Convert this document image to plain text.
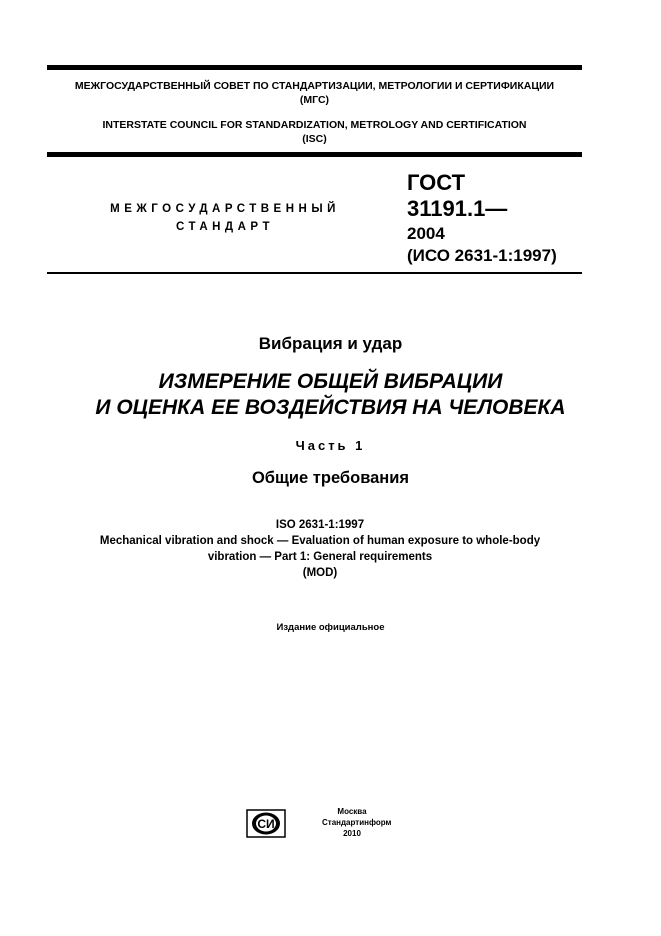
МЕЖГОСУДАРСТВЕННЫЙ СОВЕТ ПО СТАНДАРТИЗАЦИИ, МЕТРОЛОГИИ И СЕРТИФИКАЦИИ
(МГС)
INTERSTATE COUNCIL FOR STANDARDIZATION, METROLOGY AND CERTIFICATION
(ISC)
МЕЖГОСУДАРСТВЕННЫЙ
СТАНДАРТ
ГОСТ
31191.1—
2004
(ИСО 2631-1:1997)
Вибрация и удар
ИЗМЕРЕНИЕ ОБЩЕЙ ВИБРАЦИИ
И ОЦЕНКА ЕЕ ВОЗДЕЙСТВИЯ НА ЧЕЛОВЕКА
Часть 1
Общие требования
ISO 2631-1:1997
Mechanical vibration and shock — Evaluation of human exposure to whole-body
vibration — Part 1: General requirements
(MOD)
Издание официальное
СИ
Москва
Стандартинформ
2010
